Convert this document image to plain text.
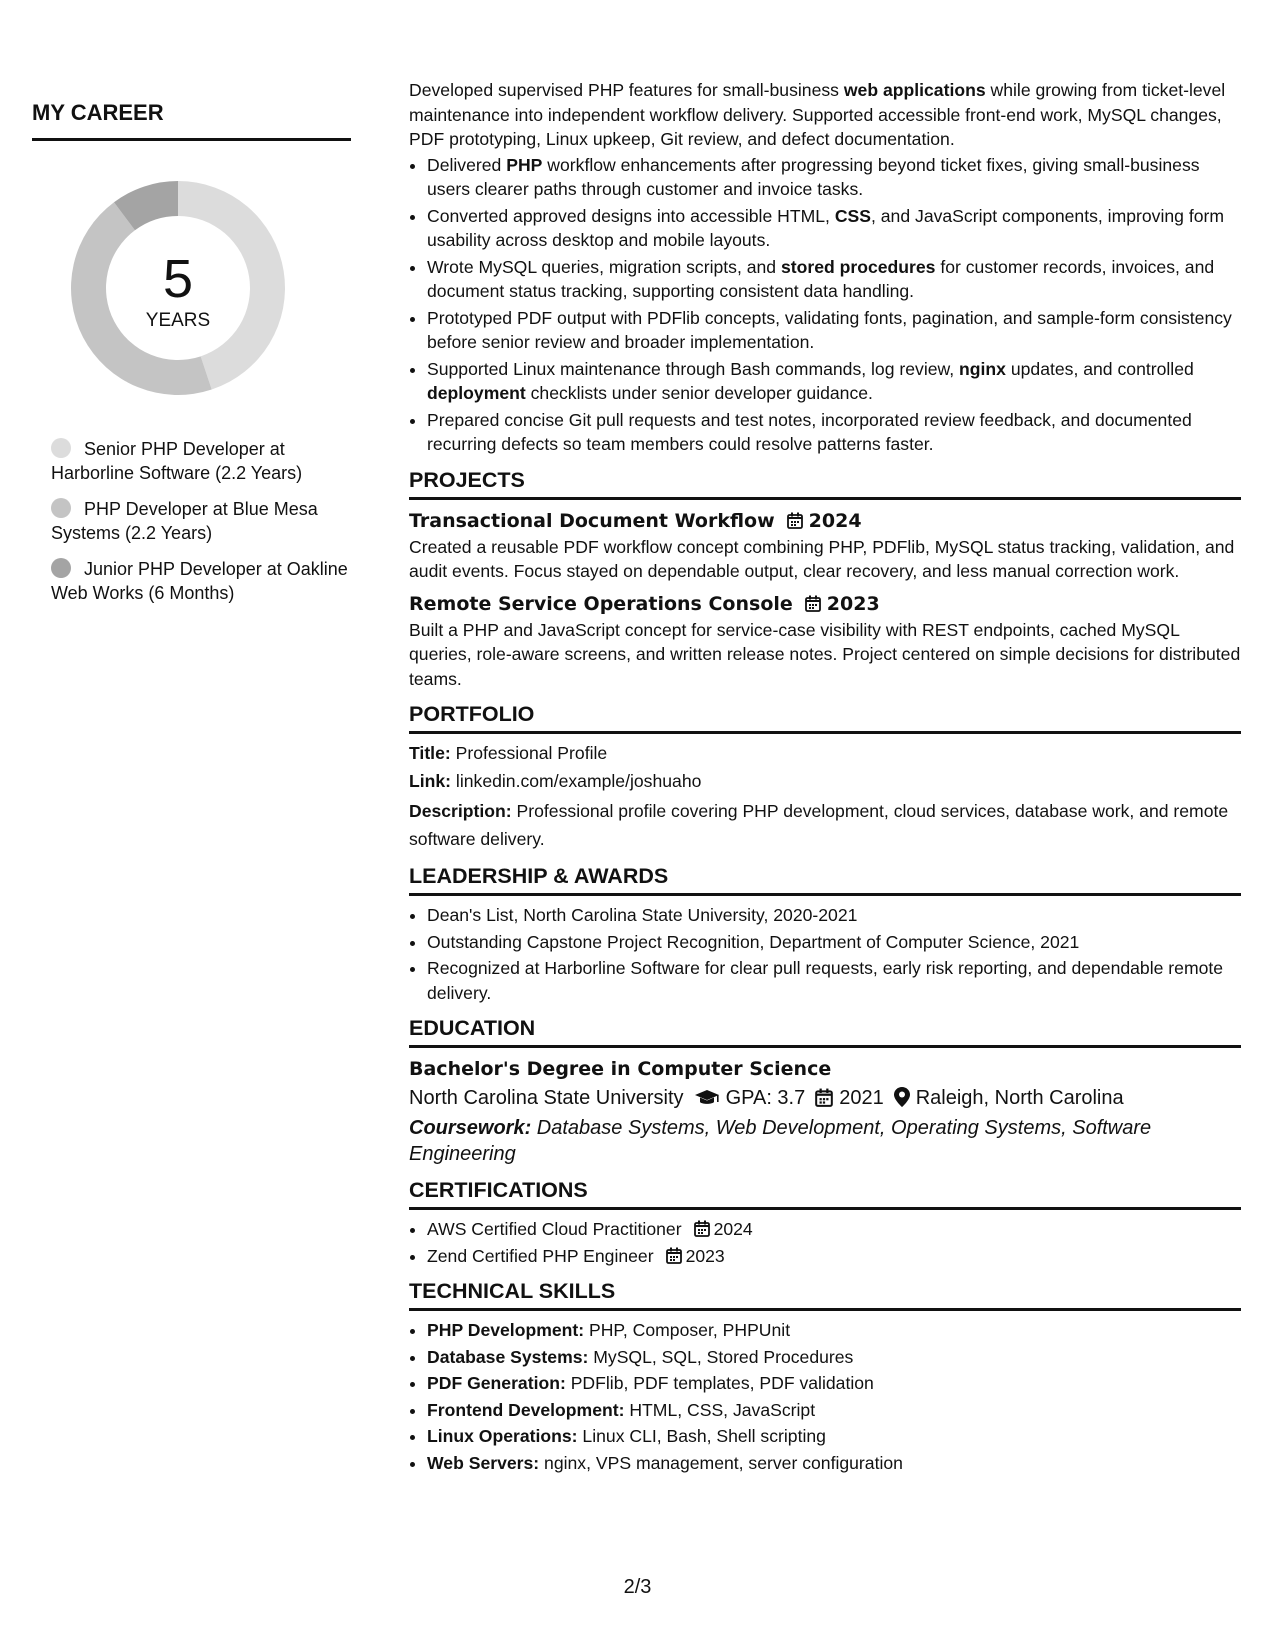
MY CAREER
5
YEARS
Senior PHP Developer at Harborline Software (2.2 Years)
PHP Developer at Blue Mesa Systems (2.2 Years)
Junior PHP Developer at Oakline Web Works (6 Months)

Developed supervised PHP features for small-business web applications while growing from ticket-level maintenance into independent workflow delivery. Supported accessible front-end work, MySQL changes, PDF prototyping, Linux upkeep, Git review, and defect documentation.

• Delivered PHP workflow enhancements after progressing beyond ticket fixes, giving small-business users clearer paths through customer and invoice tasks.
• Converted approved designs into accessible HTML, CSS, and JavaScript components, improving form usability across desktop and mobile layouts.
• Wrote MySQL queries, migration scripts, and stored procedures for customer records, invoices, and document status tracking, supporting consistent data handling.
• Prototyped PDF output with PDFlib concepts, validating fonts, pagination, and sample-form consistency before senior review and broader implementation.
• Supported Linux maintenance through Bash commands, log review, nginx updates, and controlled deployment checklists under senior developer guidance.
• Prepared concise Git pull requests and test notes, incorporated review feedback, and documented recurring defects so team members could resolve patterns faster.
PROJECTS
Transactional Document Workflow 2024

Created a reusable PDF workflow concept combining PHP, PDFlib, MySQL status tracking, validation, and audit events. Focus stayed on dependable output, clear recovery, and less manual correction work.

Remote Service Operations Console 2023

Built a PHP and JavaScript concept for service-case visibility with REST endpoints, cached MySQL queries, role-aware screens, and written release notes. Project centered on simple decisions for distributed teams.

PORTFOLIO
Title: Professional Profile
Link: linkedin.com/example/joshuaho
Description: Professional profile covering PHP development, cloud services, database work, and remote software delivery.
LEADERSHIP & AWARDS
• Dean's List, North Carolina State University, 2020-2021
• Outstanding Capstone Project Recognition, Department of Computer Science, 2021
• Recognized at Harborline Software for clear pull requests, early risk reporting, and dependable remote delivery.
EDUCATION
Bachelor's Degree in Computer Science
North Carolina State University GPA: 3.7 2021 Raleigh, North Carolina
Coursework: Database Systems, Web Development, Operating Systems, Software Engineering
CERTIFICATIONS
• AWS Certified Cloud Practitioner 2024
• Zend Certified PHP Engineer 2023
TECHNICAL SKILLS
• PHP Development: PHP, Composer, PHPUnit
• Database Systems: MySQL, SQL, Stored Procedures
• PDF Generation: PDFlib, PDF templates, PDF validation
• Frontend Development: HTML, CSS, JavaScript
• Linux Operations: Linux CLI, Bash, Shell scripting
• Web Servers: nginx, VPS management, server configuration
2/3
